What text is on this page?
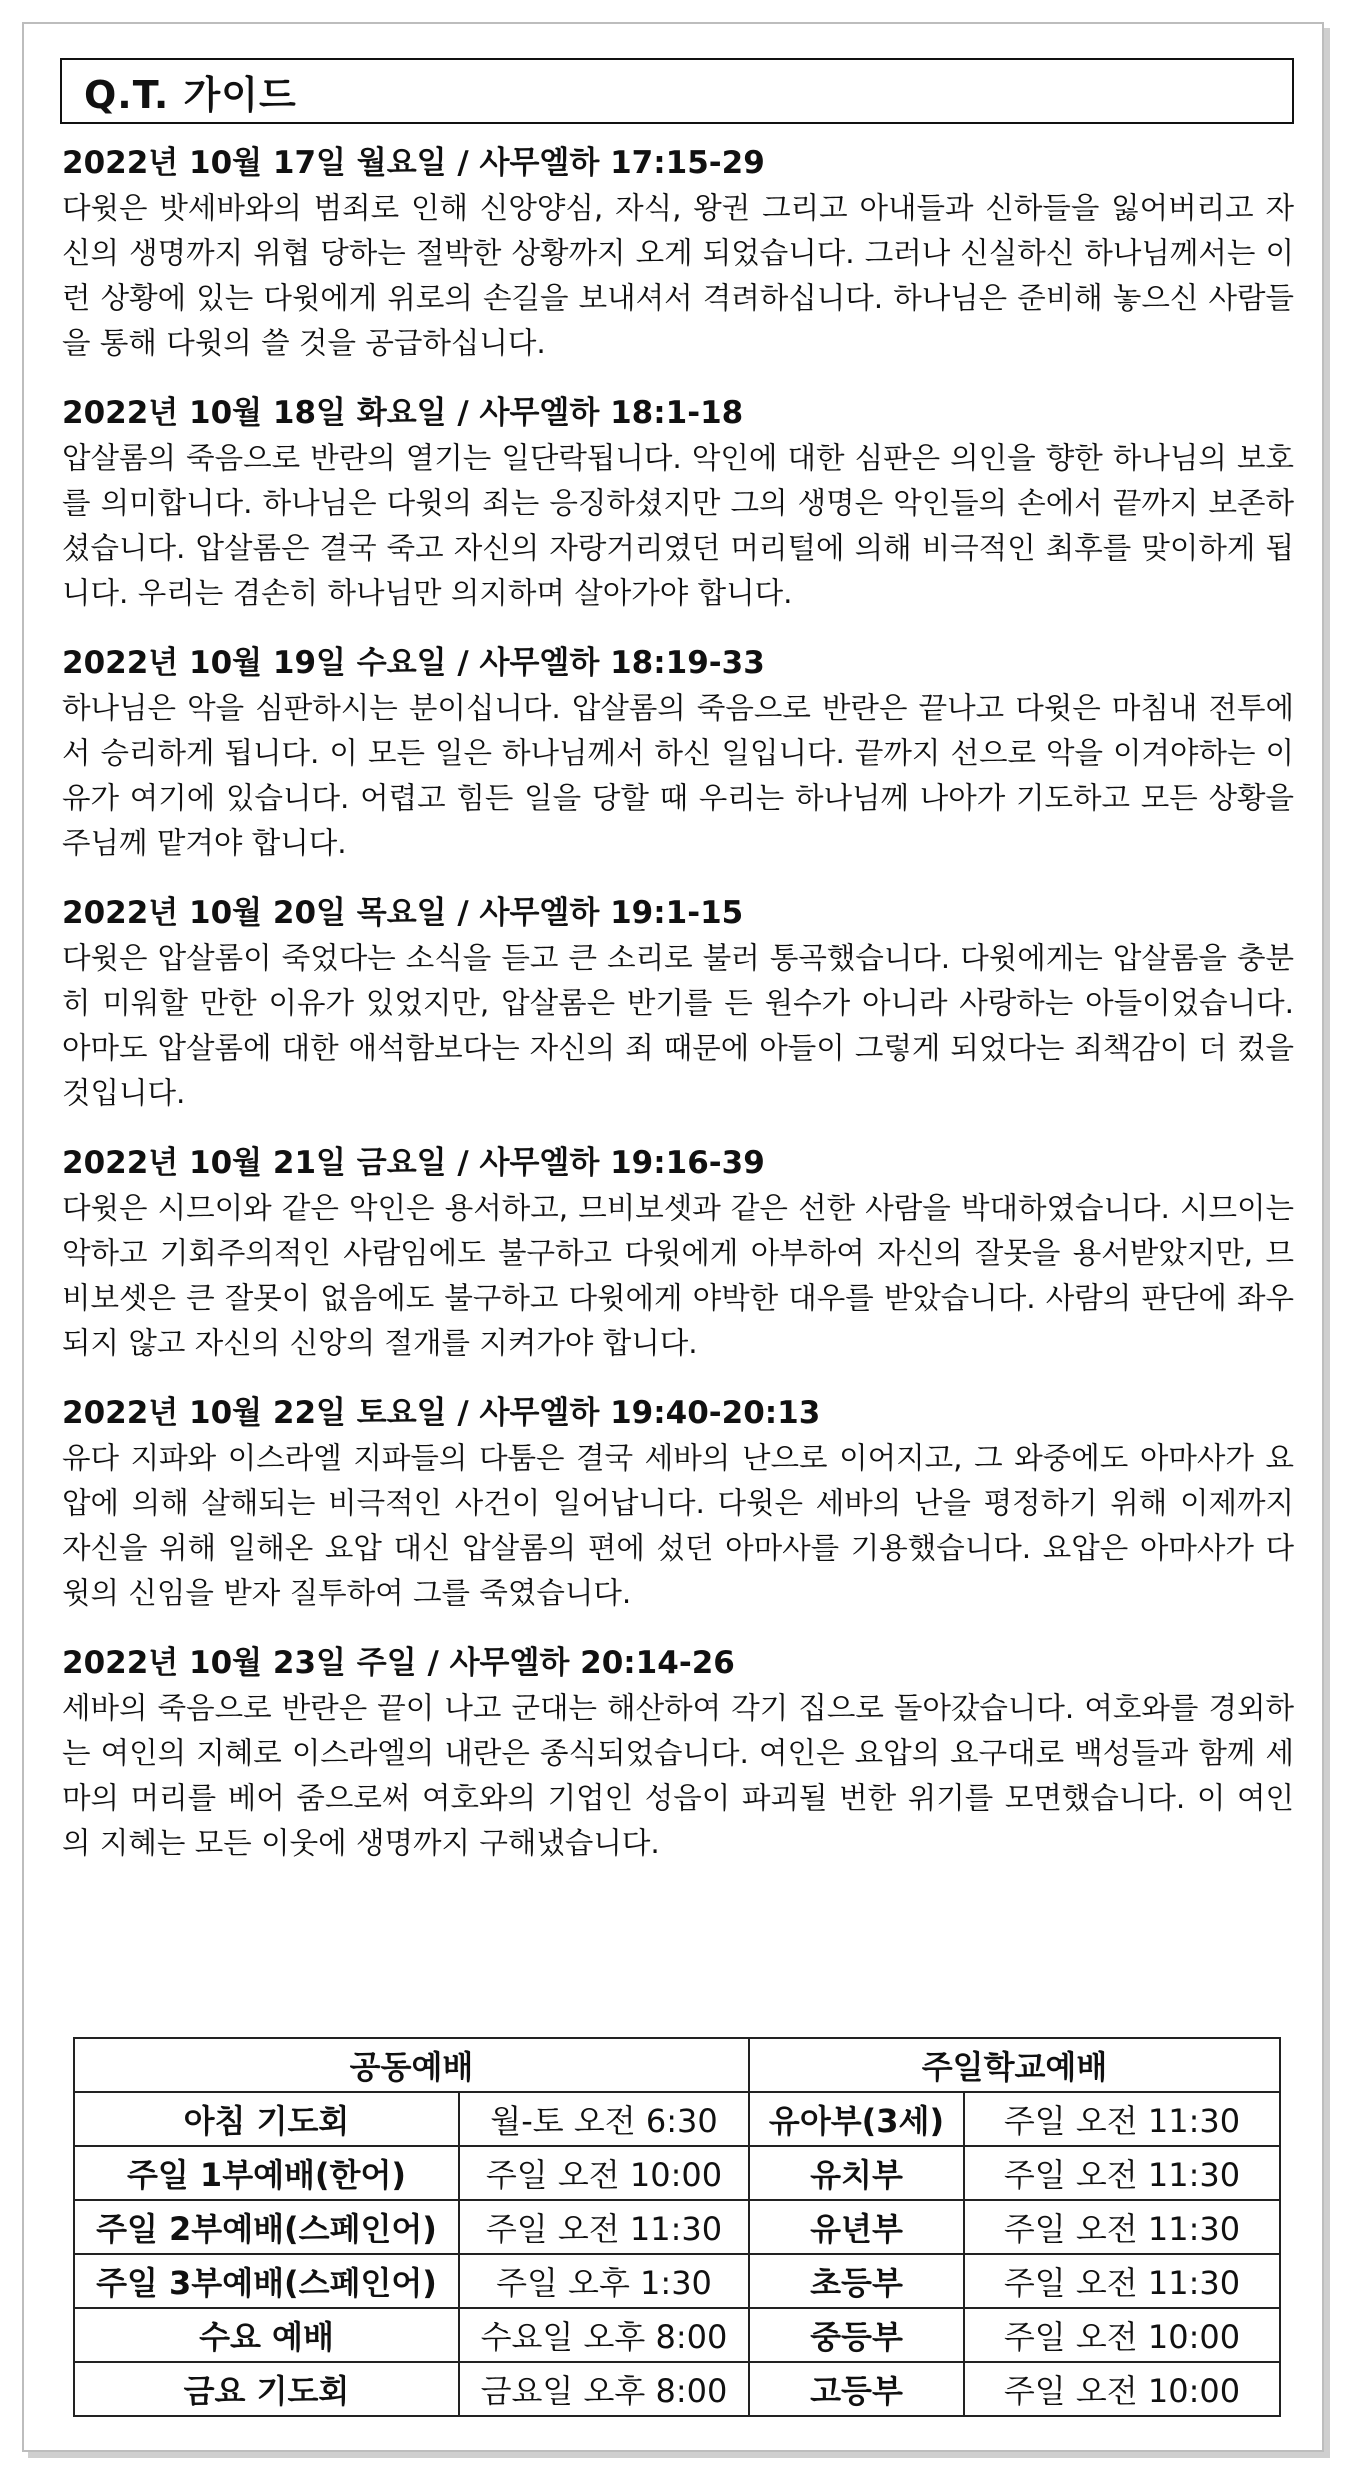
Q.T. 가이드
2022년 10월 17일 월요일 / 사무엘하 17:15-29

다윗은 밧세바와의 범죄로 인해 신앙양심, 자식, 왕권 그리고 아내들과 신하들을 잃어버리고 자신의 생명까지 위협 당하는 절박한 상황까지 오게 되었습니다. 그러나 신실하신 하나님께서는 이런 상황에 있는 다윗에게 위로의 손길을 보내셔서 격려하십니다. 하나님은 준비해 놓으신 사람들을 통해 다윗의 쓸 것을 공급하십니다.

2022년 10월 18일 화요일 / 사무엘하 18:1-18

압살롬의 죽음으로 반란의 열기는 일단락됩니다. 악인에 대한 심판은 의인을 향한 하나님의 보호를 의미합니다. 하나님은 다윗의 죄는 응징하셨지만 그의 생명은 악인들의 손에서 끝까지 보존하셨습니다. 압살롬은 결국 죽고 자신의 자랑거리였던 머리털에 의해 비극적인 최후를 맞이하게 됩니다. 우리는 겸손히 하나님만 의지하며 살아가야 합니다.

2022년 10월 19일 수요일 / 사무엘하 18:19-33

하나님은 악을 심판하시는 분이십니다. 압살롬의 죽음으로 반란은 끝나고 다윗은 마침내 전투에서 승리하게 됩니다. 이 모든 일은 하나님께서 하신 일입니다. 끝까지 선으로 악을 이겨야하는 이유가 여기에 있습니다. 어렵고 힘든 일을 당할 때 우리는 하나님께 나아가 기도하고 모든 상황을 주님께 맡겨야 합니다.

2022년 10월 20일 목요일 / 사무엘하 19:1-15

다윗은 압살롬이 죽었다는 소식을 듣고 큰 소리로 불러 통곡했습니다. 다윗에게는 압살롬을 충분히 미워할 만한 이유가 있었지만, 압살롬은 반기를 든 원수가 아니라 사랑하는 아들이었습니다. 아마도 압살롬에 대한 애석함보다는 자신의 죄 때문에 아들이 그렇게 되었다는 죄책감이 더 컸을 것입니다.

2022년 10월 21일 금요일 / 사무엘하 19:16-39

다윗은 시므이와 같은 악인은 용서하고, 므비보셋과 같은 선한 사람을 박대하였습니다. 시므이는 악하고 기회주의적인 사람임에도 불구하고 다윗에게 아부하여 자신의 잘못을 용서받았지만, 므비보셋은 큰 잘못이 없음에도 불구하고 다윗에게 야박한 대우를 받았습니다. 사람의 판단에 좌우되지 않고 자신의 신앙의 절개를 지켜가야 합니다.

2022년 10월 22일 토요일 / 사무엘하 19:40-20:13

유다 지파와 이스라엘 지파들의 다툼은 결국 세바의 난으로 이어지고, 그 와중에도 아마사가 요압에 의해 살해되는 비극적인 사건이 일어납니다. 다윗은 세바의 난을 평정하기 위해 이제까지 자신을 위해 일해온 요압 대신 압살롬의 편에 섰던 아마사를 기용했습니다. 요압은 아마사가 다윗의 신임을 받자 질투하여 그를 죽였습니다.

2022년 10월 23일 주일 / 사무엘하 20:14-26

세바의 죽음으로 반란은 끝이 나고 군대는 해산하여 각기 집으로 돌아갔습니다. 여호와를 경외하는 여인의 지혜로 이스라엘의 내란은 종식되었습니다. 여인은 요압의 요구대로 백성들과 함께 세마의 머리를 베어 줌으로써 여호와의 기업인 성읍이 파괴될 번한 위기를 모면했습니다. 이 여인의 지혜는 모든 이웃에 생명까지 구해냈습니다.

공동예배		주일학교예배	
아침 기도회	월-토 오전 6:30	유아부(3세)	주일 오전 11:30
주일 1부예배(한어)	주일 오전 10:00	유치부	주일 오전 11:30
주일 2부예배(스페인어)	주일 오전 11:30	유년부	주일 오전 11:30
주일 3부예배(스페인어)	주일 오후 1:30	초등부	주일 오전 11:30
수요 예배	수요일 오후 8:00	중등부	주일 오전 10:00
금요 기도회	금요일 오후 8:00	고등부	주일 오전 10:00
